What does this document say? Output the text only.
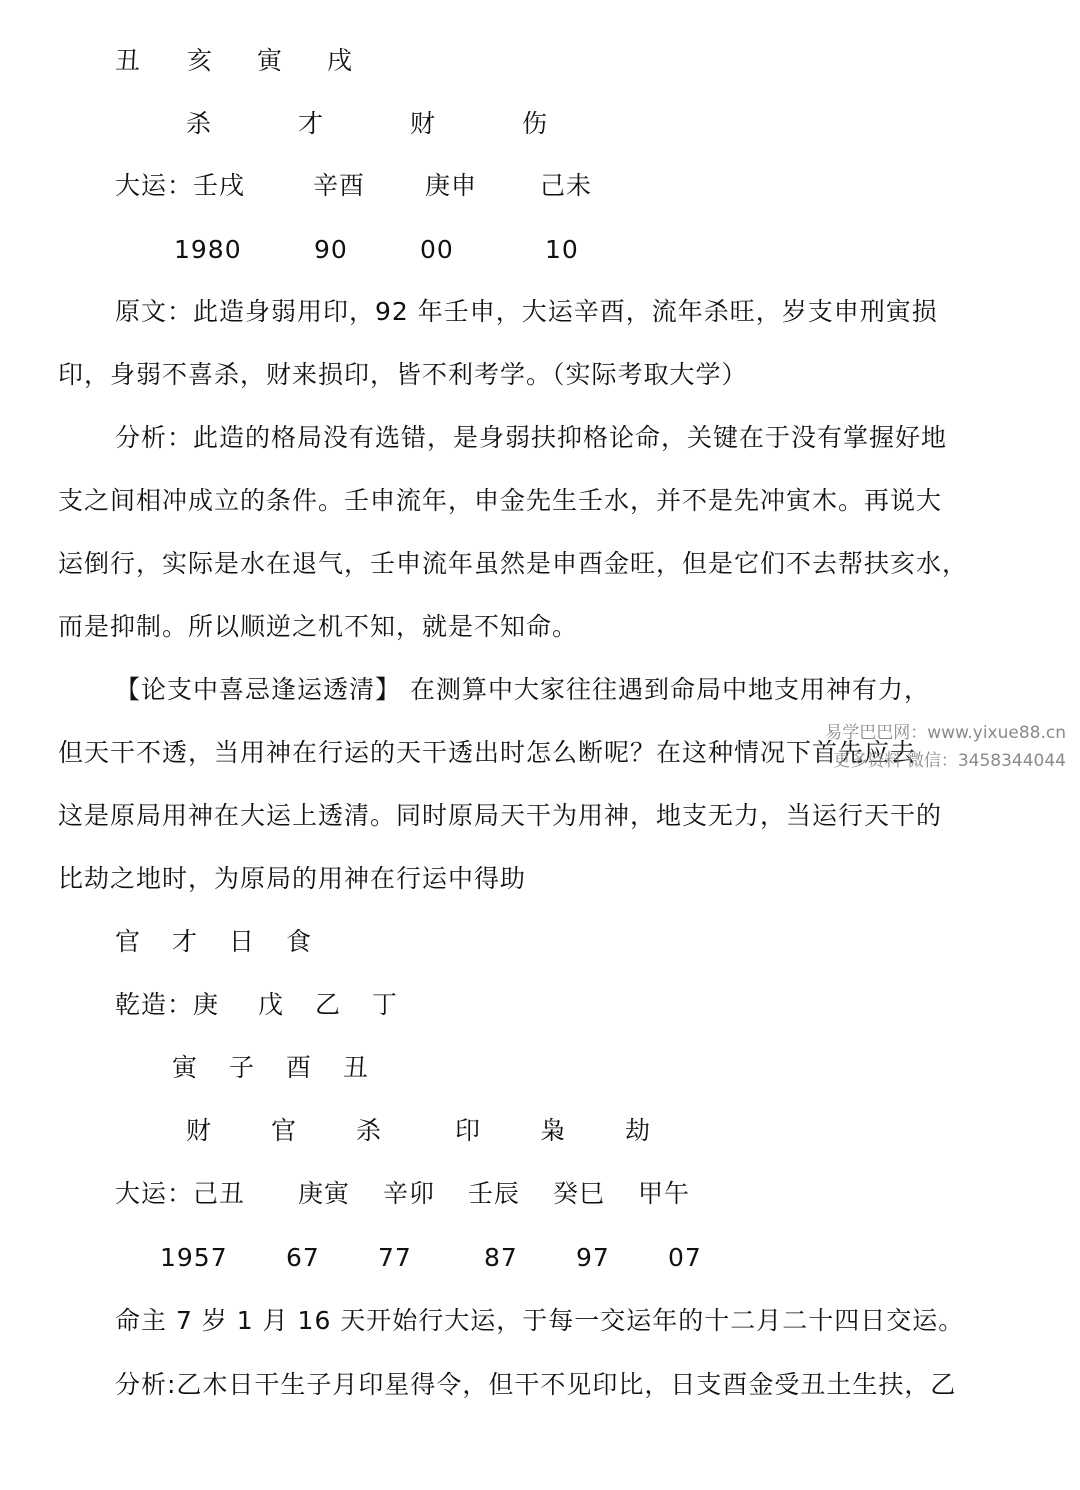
丑 亥 寅 戌
杀	才	财	伤
大运：壬戌	辛酉 庚申	己未
1980	90	00	10
原文：此造身弱用印，92 年壬申，大运辛酉，流年杀旺，岁支申刑寅损
印，身弱不喜杀，财来损印，皆不利考学。（实际考取大学）
分析：此造的格局没有选错，是身弱扶抑格论命，关键在于没有掌握好地
支之间相冲成立的条件。壬申流年，申金先生壬水，并不是先冲寅木。再说大
运倒行，实际是水在退气，壬申流年虽然是申酉金旺，但是它们不去帮扶亥水，
而是抑制。所以顺逆之机不知，就是不知命。
【论支中喜忌逢运透清】 在测算中大家往往遇到命局中地支用神有力，
但天干不透，当用神在行运的天干透出时怎么断呢？在这种情况下首先应去
这是原局用神在大运上透清。同时原局天干为用神，地支无力，当运行天干的
比劫之地时，为原局的用神在行运中得助
易学巴巴网：www.yixue88.cn
更多资料 微信：3458344044
官 才 日 食
乾造：庚 戊 乙 丁
寅 子 酉 丑
财 官 杀	印 枭 劫
大运：己丑 庚寅 辛卯 壬辰 癸巳 甲午
1957 67 77	87 97 07
命主 7 岁 1 月 16 天开始行大运，于每一交运年的十二月二十四日交运。
分析:乙木日干生子月印星得令，但干不见印比，日支酉金受丑土生扶，乙
